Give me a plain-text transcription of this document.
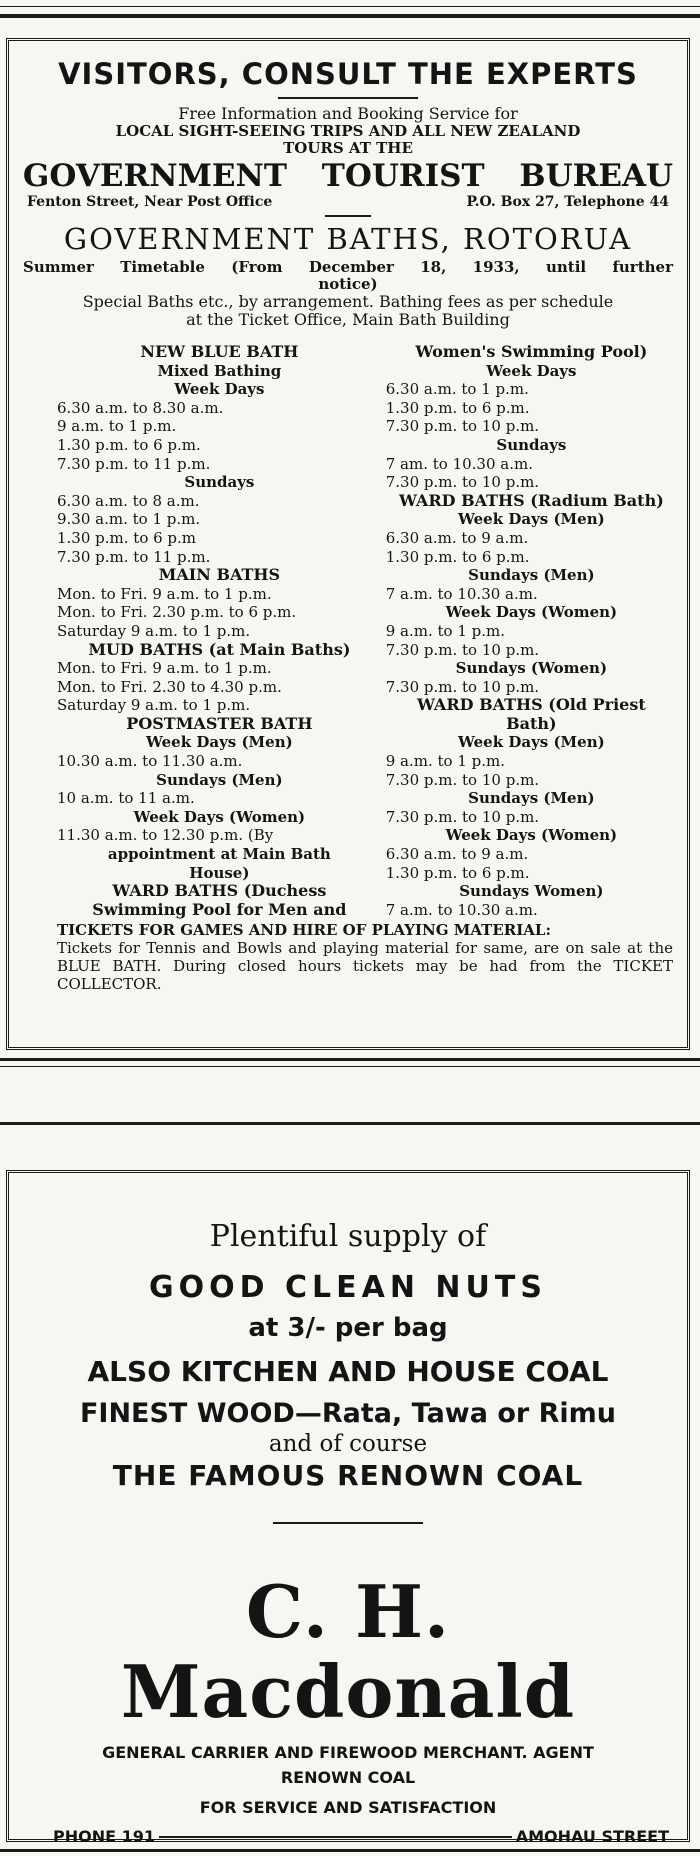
VISITORS, CONSULT THE EXPERTS
Free Information and Booking Service for
LOCAL SIGHT-SEEING TRIPS AND ALL NEW ZEALAND
TOURS AT THE
GOVERNMENT TOURIST BUREAU
Fenton Street, Near Post Office	P.O. Box 27, Telephone 44
GOVERNMENT BATHS, ROTORUA
Summer Timetable (From December 18, 1933, until further
notice)
Special Baths etc., by arrangement. Bathing fees as per schedule
at the Ticket Office, Main Bath Building
NEW BLUE BATH
Mixed Bathing
Week Days
6.30 a.m. to 8.30 a.m.
9 a.m. to 1 p.m.
1.30 p.m. to 6 p.m.
7.30 p.m. to 11 p.m.
Sundays
6.30 a.m. to 8 a.m.
9.30 a.m. to 1 p.m.
1.30 p.m. to 6 p.m
7.30 p.m. to 11 p.m.
MAIN BATHS
Mon. to Fri. 9 a.m. to 1 p.m.
Mon. to Fri. 2.30 p.m. to 6 p.m.
Saturday 9 a.m. to 1 p.m.
MUD BATHS (at Main Baths)
Mon. to Fri. 9 a.m. to 1 p.m.
Mon. to Fri. 2.30 to 4.30 p.m.
Saturday 9 a.m. to 1 p.m.
POSTMASTER BATH
Week Days (Men)
10.30 a.m. to 11.30 a.m.
Sundays (Men)
10 a.m. to 11 a.m.
Week Days (Women)
11.30 a.m. to 12.30 p.m. (By
appointment at Main Bath
House)
WARD BATHS (Duchess
Swimming Pool for Men and
Women's Swimming Pool)
Week Days
6.30 a.m. to 1 p.m.
1.30 p.m. to 6 p.m.
7.30 p.m. to 10 p.m.
Sundays
7 am. to 10.30 a.m.
7.30 p.m. to 10 p.m.
WARD BATHS (Radium Bath)
Week Days (Men)
6.30 a.m. to 9 a.m.
1.30 p.m. to 6 p.m.
Sundays (Men)
7 a.m. to 10.30 a.m.
Week Days (Women)
9 a.m. to 1 p.m.
7.30 p.m. to 10 p.m.
Sundays (Women)
7.30 p.m. to 10 p.m.
WARD BATHS (Old Priest
Bath)
Week Days (Men)
9 a.m. to 1 p.m.
7.30 p.m. to 10 p.m.
Sundays (Men)
7.30 p.m. to 10 p.m.
Week Days (Women)
6.30 a.m. to 9 a.m.
1.30 p.m. to 6 p.m.
Sundays Women)
7 a.m. to 10.30 a.m.
TICKETS FOR GAMES AND HIRE OF PLAYING MATERIAL:
Tickets for Tennis and Bowls and playing material for same, are on sale at the BLUE BATH. During closed hours tickets may be had from the TICKET COLLECTOR.
Plentiful supply of
GOOD CLEAN NUTS
at 3/- per bag
ALSO KITCHEN AND HOUSE COAL
FINEST WOOD—Rata, Tawa or Rimu
and of course
THE FAMOUS RENOWN COAL
C. H. Macdonald
GENERAL CARRIER AND FIREWOOD MERCHANT. AGENT
RENOWN COAL
FOR SERVICE AND SATISFACTION
PHONE 191	AMOHAU STREET
